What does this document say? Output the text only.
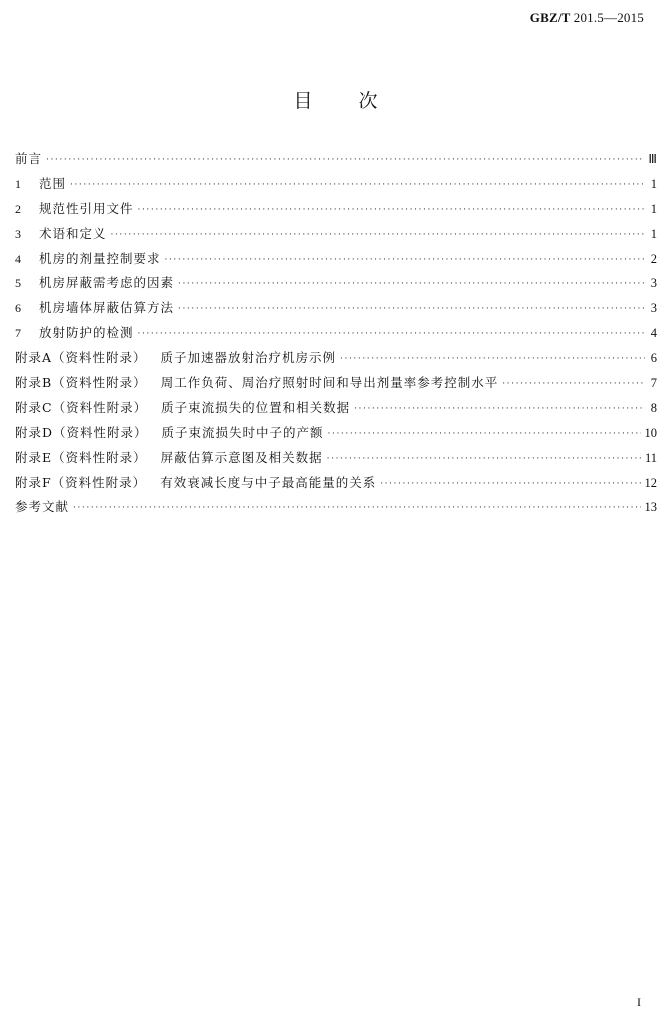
GBZ/T 201.5—2015
目次
前言 ·····	Ⅲ
1	范围 ·····	1
2	规范性引用文件 ·····	1
3	术语和定义 ·····	1
4	机房的剂量控制要求 ·····	2
5	机房屏蔽需考虑的因素 ·····	3
6	机房墙体屏蔽估算方法 ·····	3
7	放射防护的检测 ·····	4
附录A（资料性附录） 质子加速器放射治疗机房示例 ·····	6
附录B（资料性附录） 周工作负荷、周治疗照射时间和导出剂量率参考控制水平 ·····	7
附录C（资料性附录） 质子束流损失的位置和相关数据 ·····	8
附录D（资料性附录） 质子束流损失时中子的产额 ·····	10
附录E（资料性附录） 屏蔽估算示意图及相关数据 ·····	11
附录F（资料性附录） 有效衰减长度与中子最高能量的关系 ·····	12
参考文献 ·····	13
I
